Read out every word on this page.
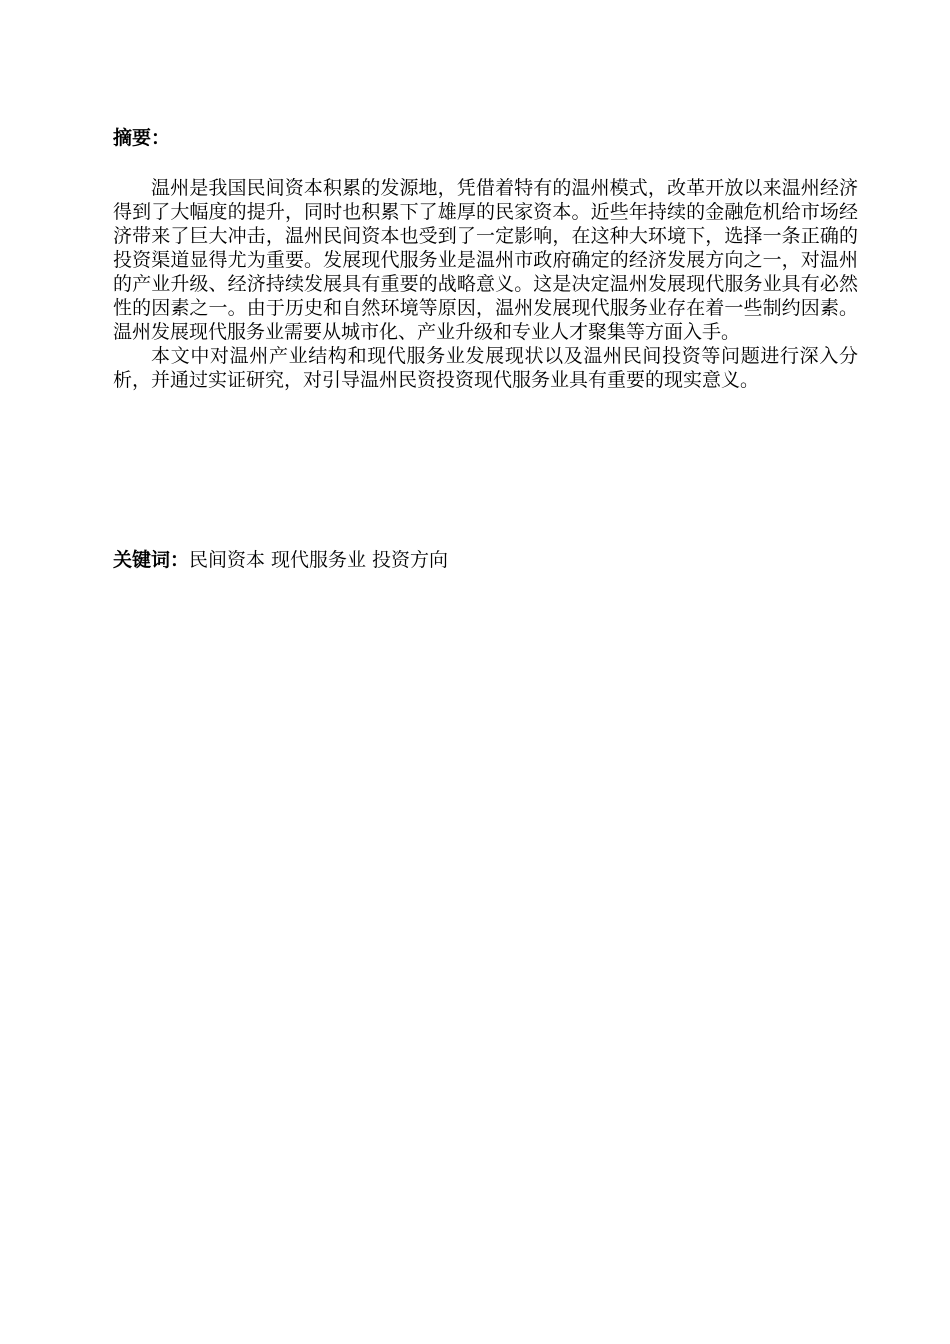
摘要：

温州是我国民间资本积累的发源地，凭借着特有的温州模式，改革开放以来温州经济得到了大幅度的提升，同时也积累下了雄厚的民家资本。近些年持续的金融危机给市场经济带来了巨大冲击，温州民间资本也受到了一定影响，在这种大环境下，选择一条正确的投资渠道显得尤为重要。发展现代服务业是温州市政府确定的经济发展方向之一，对温州的产业升级、经济持续发展具有重要的战略意义。这是决定温州发展现代服务业具有必然性的因素之一。由于历史和自然环境等原因，温州发展现代服务业存在着一些制约因素。温州发展现代服务业需要从城市化、产业升级和专业人才聚集等方面入手。

本文中对温州产业结构和现代服务业发展现状以及温州民间投资等问题进行深入分析，并通过实证研究，对引导温州民资投资现代服务业具有重要的现实意义。

关键词：民间资本 现代服务业 投资方向
